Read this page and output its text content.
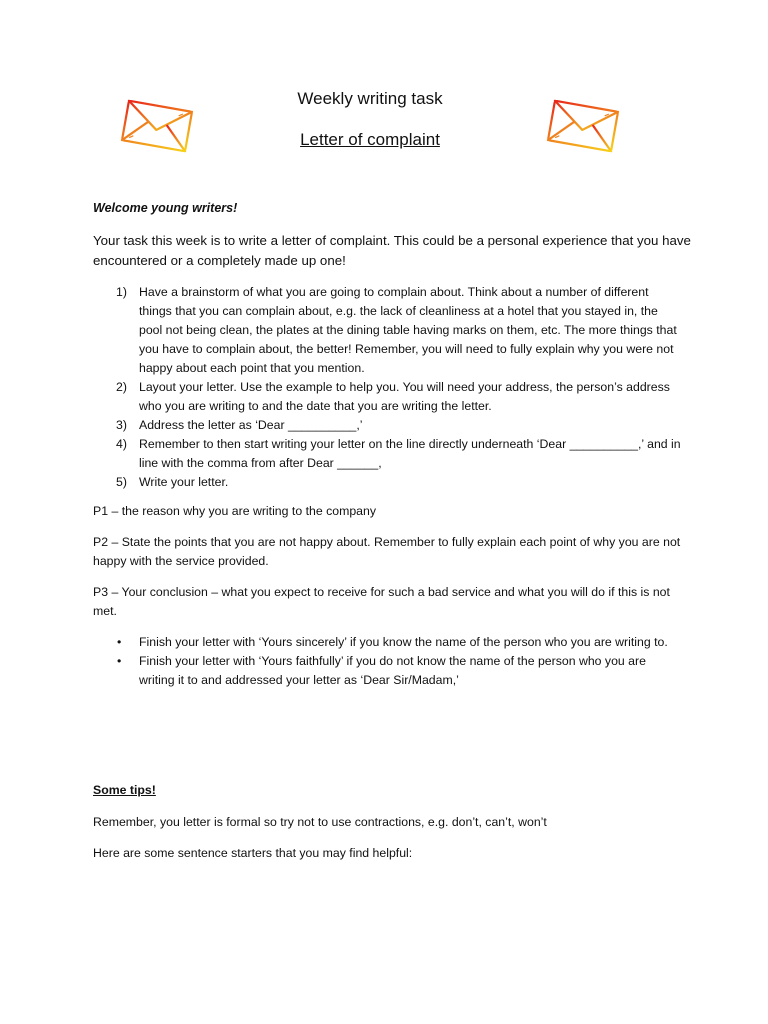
Weekly writing task
Letter of complaint
Welcome young writers!
Your task this week is to write a letter of complaint. This could be a personal experience that you have encountered or a completely made up one!
1) Have a brainstorm of what you are going to complain about. Think about a number of different things that you can complain about, e.g. the lack of cleanliness at a hotel that you stayed in, the pool not being clean, the plates at the dining table having marks on them, etc. The more things that you have to complain about, the better! Remember, you will need to fully explain why you were not happy about each point that you mention.
2) Layout your letter. Use the example to help you. You will need your address, the person’s address who you are writing to and the date that you are writing the letter.
3) Address the letter as ‘Dear __________,’
4) Remember to then start writing your letter on the line directly underneath ‘Dear __________,’ and in line with the comma from after Dear ______,
5) Write your letter.
P1 – the reason why you are writing to the company
P2 – State the points that you are not happy about. Remember to fully explain each point of why you are not happy with the service provided.
P3 – Your conclusion – what you expect to receive for such a bad service and what you will do if this is not met.
• Finish your letter with ‘Yours sincerely’ if you know the name of the person who you are writing to.
• Finish your letter with ‘Yours faithfully’ if you do not know the name of the person who you are writing it to and addressed your letter as ‘Dear Sir/Madam,’
Some tips!
Remember, you letter is formal so try not to use contractions, e.g. don’t, can’t, won’t
Here are some sentence starters that you may find helpful:
